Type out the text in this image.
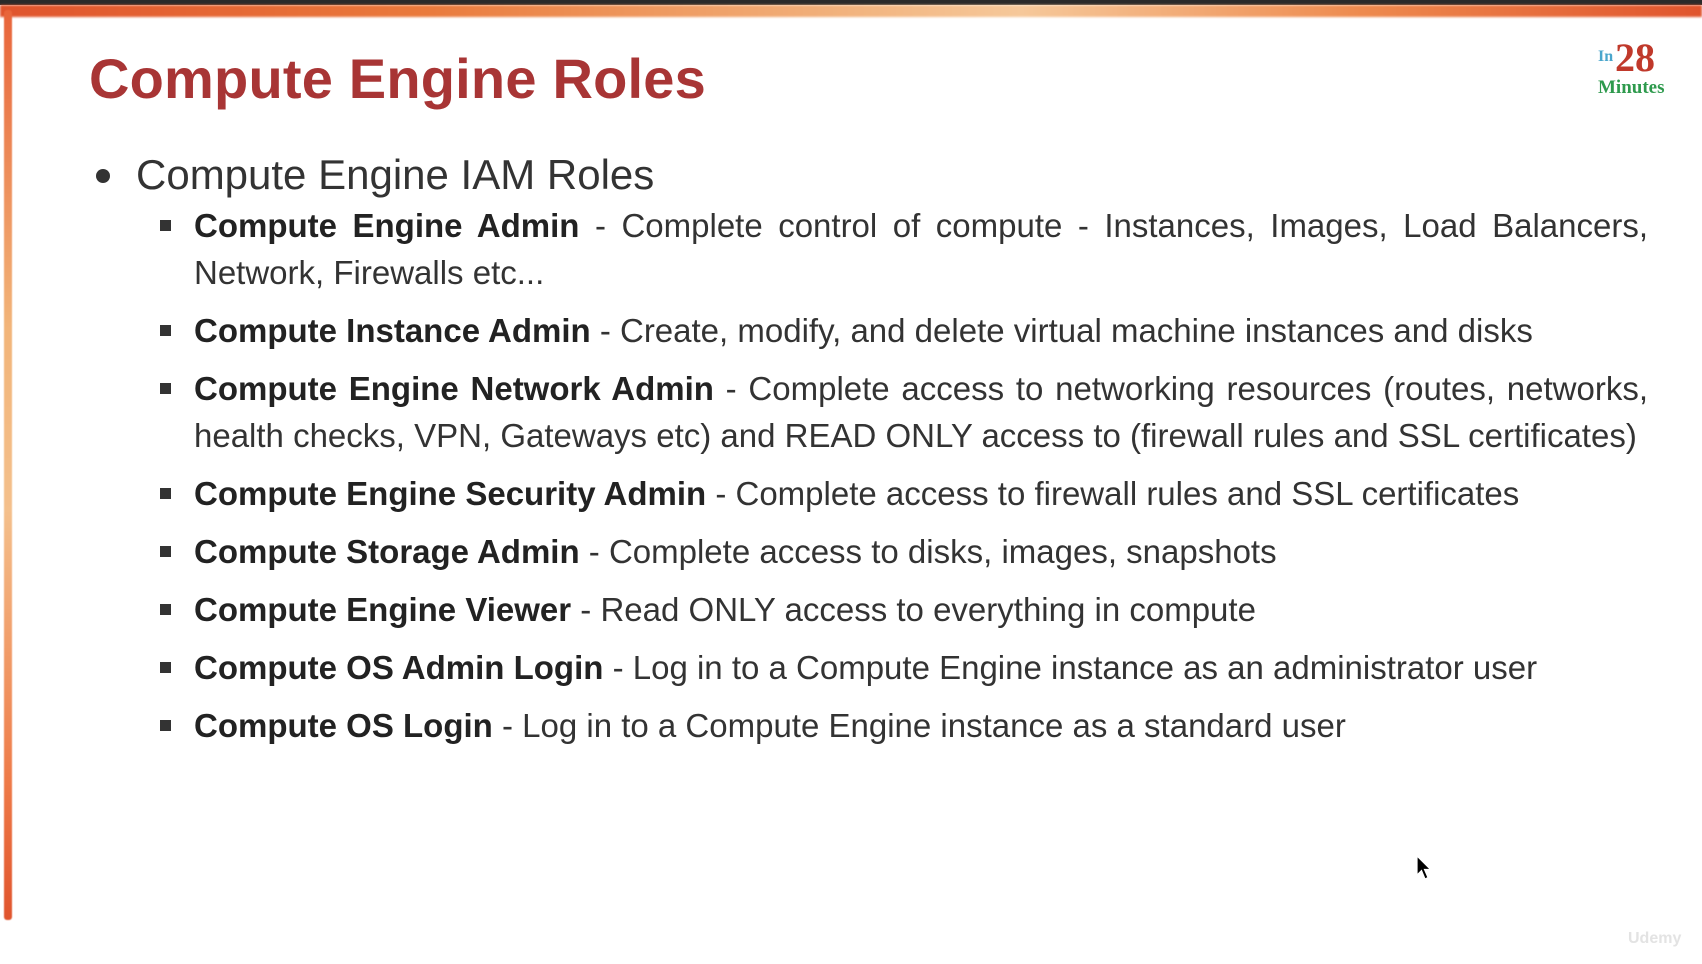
Compute Engine Roles	In 28
Minutes
Compute Engine IAM Roles
Compute Engine Admin - Complete control of compute - Instances, Images, Load Balancers, Network, Firewalls etc...
Compute Instance Admin - Create, modify, and delete virtual machine instances and disks
Compute Engine Network Admin - Complete access to networking resources (routes, networks, health checks, VPN, Gateways etc) and READ ONLY access to (firewall rules and SSL certificates)
Compute Engine Security Admin - Complete access to firewall rules and SSL certificates
Compute Storage Admin - Complete access to disks, images, snapshots
Compute Engine Viewer - Read ONLY access to everything in compute
Compute OS Admin Login - Log in to a Compute Engine instance as an administrator user
Compute OS Login - Log in to a Compute Engine instance as a standard user
Udemy
